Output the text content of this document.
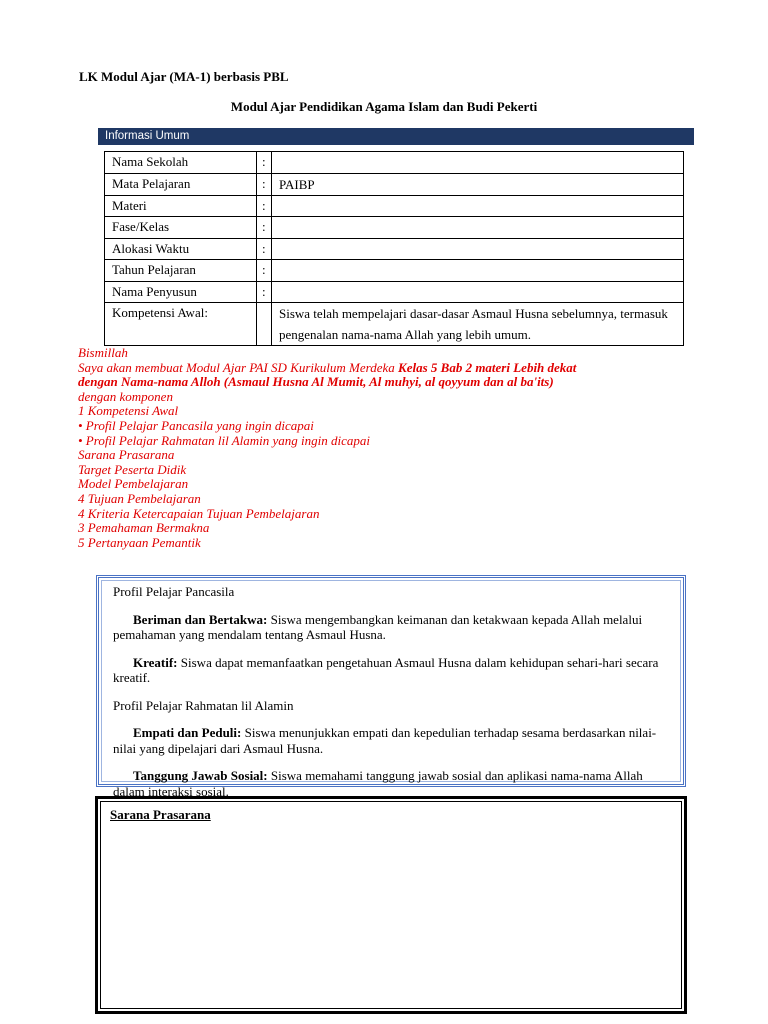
LK Modul Ajar (MA-1) berbasis PBL
Modul Ajar Pendidikan Agama Islam dan Budi Pekerti
Informasi Umum
Nama Sekolah	:	
Mata Pelajaran	:	PAIBP
Materi	:	
Fase/Kelas	:	
Alokasi Waktu	:	
Tahun Pelajaran	:	
Nama Penyusun	:	
Kompetensi Awal:		Siswa telah mempelajari dasar-dasar Asmaul Husna sebelumnya, termasuk pengenalan nama-nama Allah yang lebih umum.
Bismillah
Saya akan membuat Modul Ajar PAI SD Kurikulum Merdeka Kelas 5 Bab 2 materi Lebih dekat
dengan Nama-nama Alloh (Asmaul Husna Al Mumit, Al muhyi, al qoyyum dan al ba'its)
dengan komponen
1 Kompetensi Awal
• Profil Pelajar Pancasila yang ingin dicapai
• Profil Pelajar Rahmatan lil Alamin yang ingin dicapai
Sarana Prasarana
Target Peserta Didik
Model Pembelajaran
4 Tujuan Pembelajaran
4 Kriteria Ketercapaian Tujuan Pembelajaran
3 Pemahaman Bermakna
5 Pertanyaan Pemantik

Profil Pelajar Pancasila

Beriman dan Bertakwa: Siswa mengembangkan keimanan dan ketakwaan kepada Allah melalui pemahaman yang mendalam tentang Asmaul Husna.

Kreatif: Siswa dapat memanfaatkan pengetahuan Asmaul Husna dalam kehidupan sehari-hari secara kreatif.

Profil Pelajar Rahmatan lil Alamin

Empati dan Peduli: Siswa menunjukkan empati dan kepedulian terhadap sesama berdasarkan nilai-nilai yang dipelajari dari Asmaul Husna.

Tanggung Jawab Sosial: Siswa memahami tanggung jawab sosial dan aplikasi nama-nama Allah dalam interaksi sosial.

Sarana Prasarana
